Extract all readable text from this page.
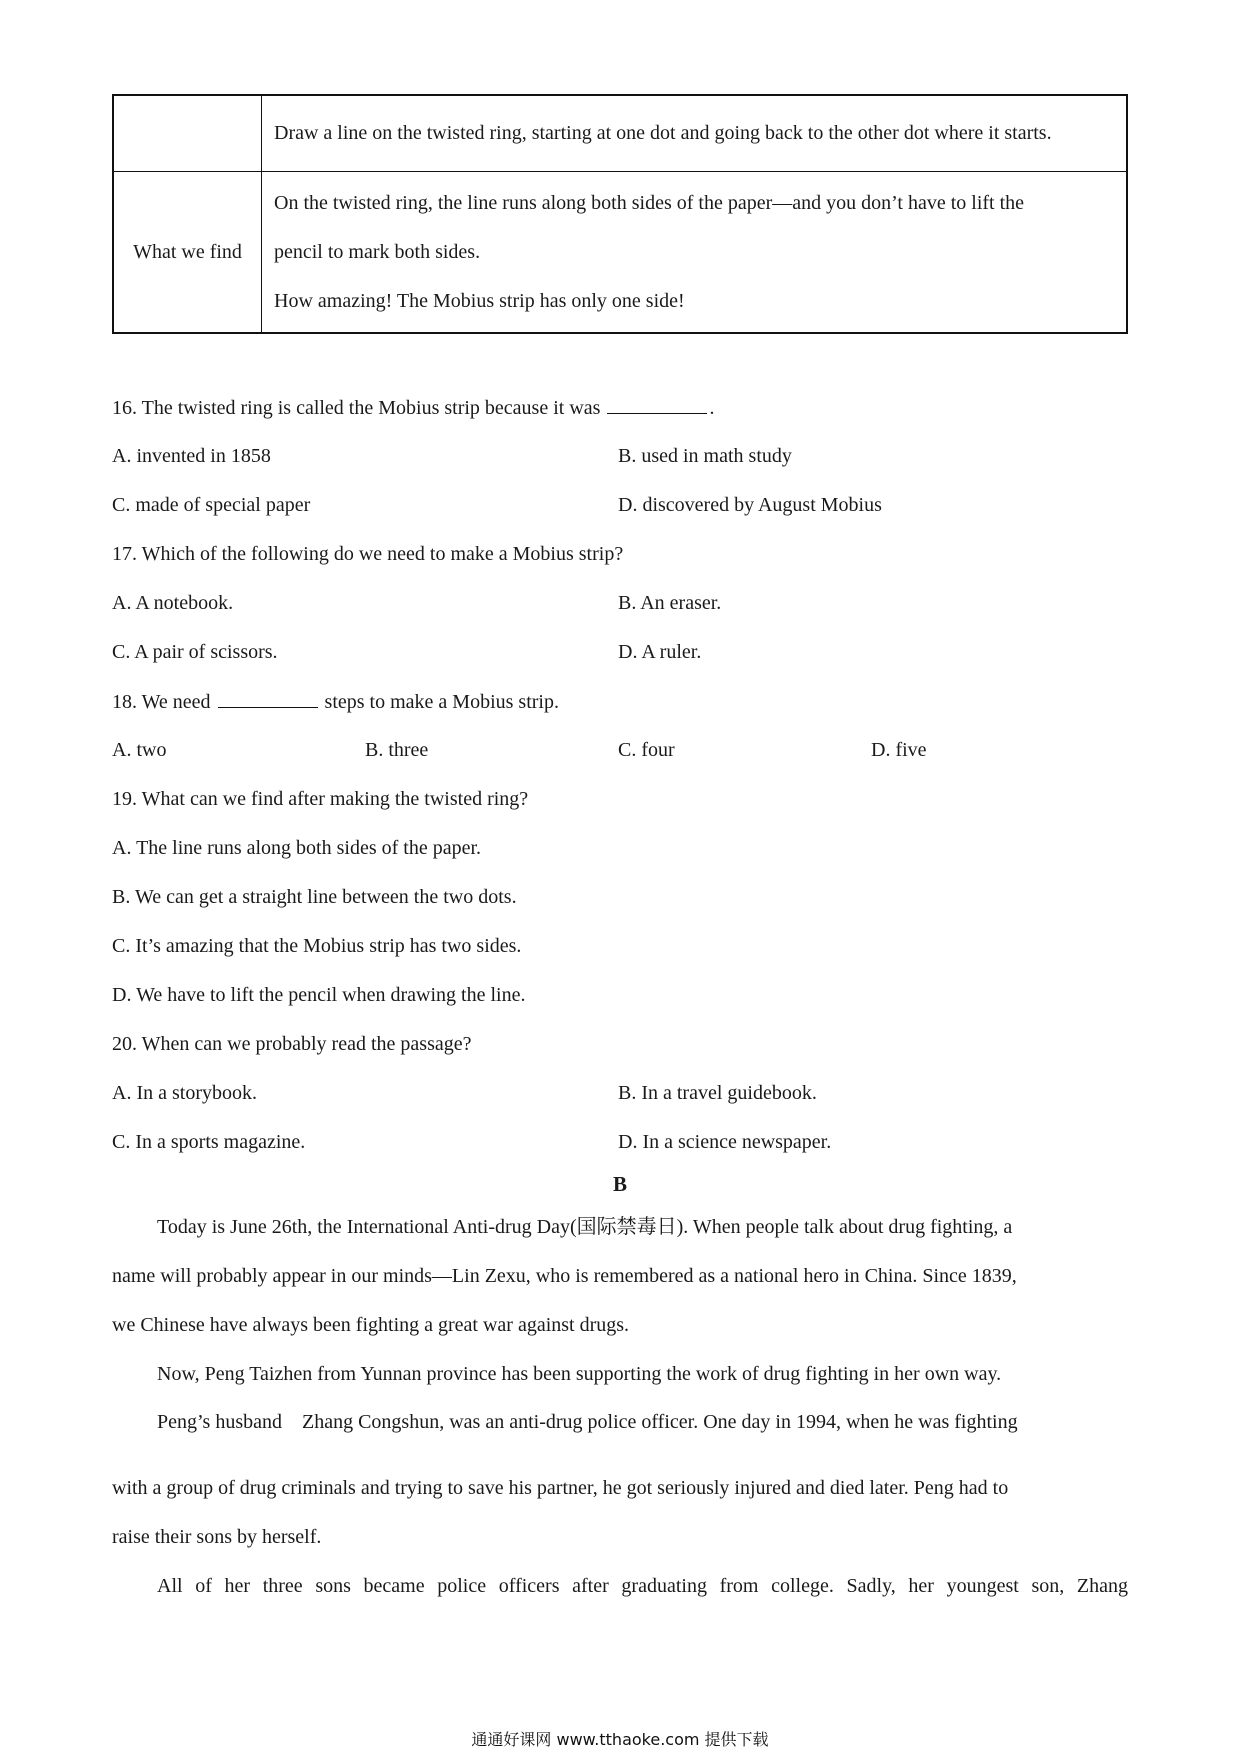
	Draw a line on the twisted ring, starting at one dot and going back to the other dot where it starts.

What we find	On the twisted ring, the line runs along both sides of the paper—and you don’t have to lift the
pencil to mark both sides.
How amazing! The Mobius strip has only one side!
16. The twisted ring is called the Mobius strip because it was	.
A. invented in 1858	B. used in math study
C. made of special paper	D. discovered by August Mobius
17. Which of the following do we need to make a Mobius strip?
A. A notebook.	B. An eraser.
C. A pair of scissors.	D. A ruler.
18. We need	steps to make a Mobius strip.
A. two	B. three	C. four	D. five
19. What can we find after making the twisted ring?
A. The line runs along both sides of the paper.
B. We can get a straight line between the two dots.
C. It’s amazing that the Mobius strip has two sides.
D. We have to lift the pencil when drawing the line.
20. When can we probably read the passage?
A. In a storybook.	B. In a travel guidebook.
C. In a sports magazine.	D. In a science newspaper.
B
Today is June 26th, the International Anti-drug Day(国际禁毒日). When people talk about drug fighting, a
name will probably appear in our minds—Lin Zexu, who is remembered as a national hero in China. Since 1839,
we Chinese have always been fighting a great war against drugs.
Now, Peng Taizhen from Yunnan province has been supporting the work of drug fighting in her own way.
Peng’s husband　Zhang Congshun, was an anti-drug police officer. One day in 1994, when he was fighting
with a group of drug criminals and trying to save his partner, he got seriously injured and died later. Peng had to
raise their sons by herself.
All of her three sons became police officers after graduating from college. Sadly, her youngest son, Zhang
通通好课网 www.tthaoke.com 提供下载
